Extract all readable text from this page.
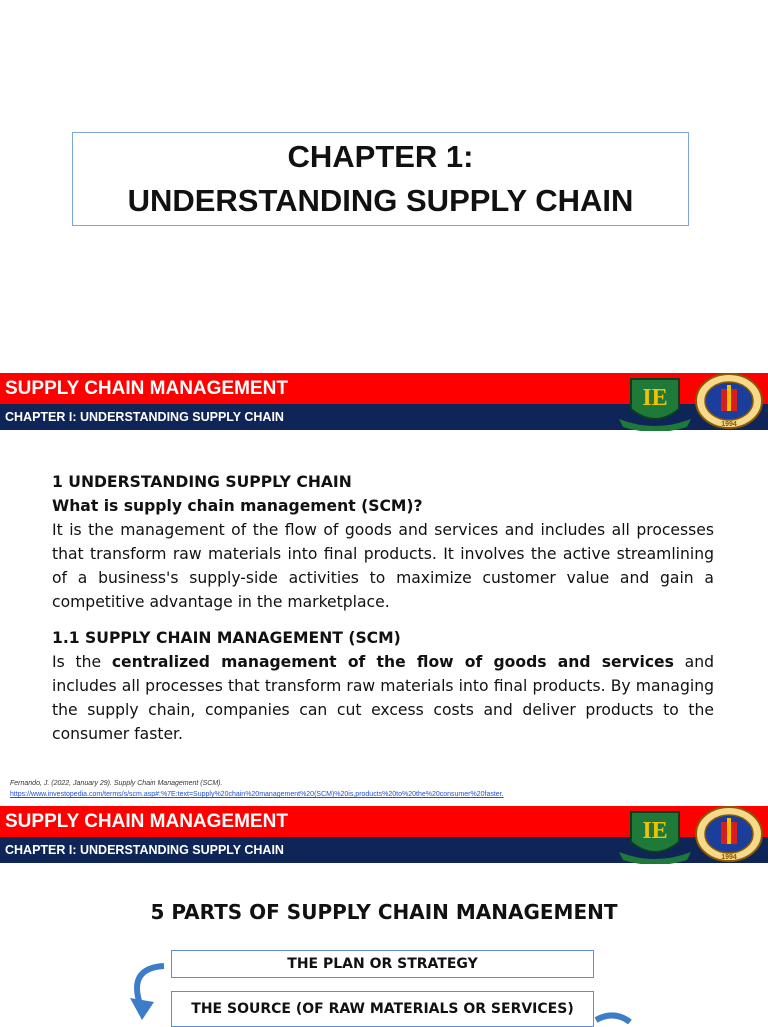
CHAPTER 1:
UNDERSTANDING SUPPLY CHAIN
SUPPLY CHAIN MANAGEMENT
CHAPTER I: UNDERSTANDING SUPPLY CHAIN
IE
1994
1 UNDERSTANDING SUPPLY CHAIN
What is supply chain management (SCM)?
It is the management of the flow of goods and services and includes all processes that transform raw materials into final products. It involves the active streamlining of a business's supply-side activities to maximize customer value and gain a competitive advantage in the marketplace.
1.1 SUPPLY CHAIN MANAGEMENT (SCM)
Is the centralized management of the flow of goods and services and includes all processes that transform raw materials into final products. By managing the supply chain, companies can cut excess costs and deliver products to the consumer faster.
Fernando, J. (2022, January 29). Supply Chain Management (SCM).
https://www.investopedia.com/terms/s/scm.asp#:%7E:text=Supply%20chain%20management%20(SCM)%20is,products%20to%20the%20consumer%20faster.
SUPPLY CHAIN MANAGEMENT
CHAPTER I: UNDERSTANDING SUPPLY CHAIN
IE
1994
5 PARTS OF SUPPLY CHAIN MANAGEMENT
THE PLAN OR STRATEGY
THE SOURCE (OF RAW MATERIALS OR SERVICES)
